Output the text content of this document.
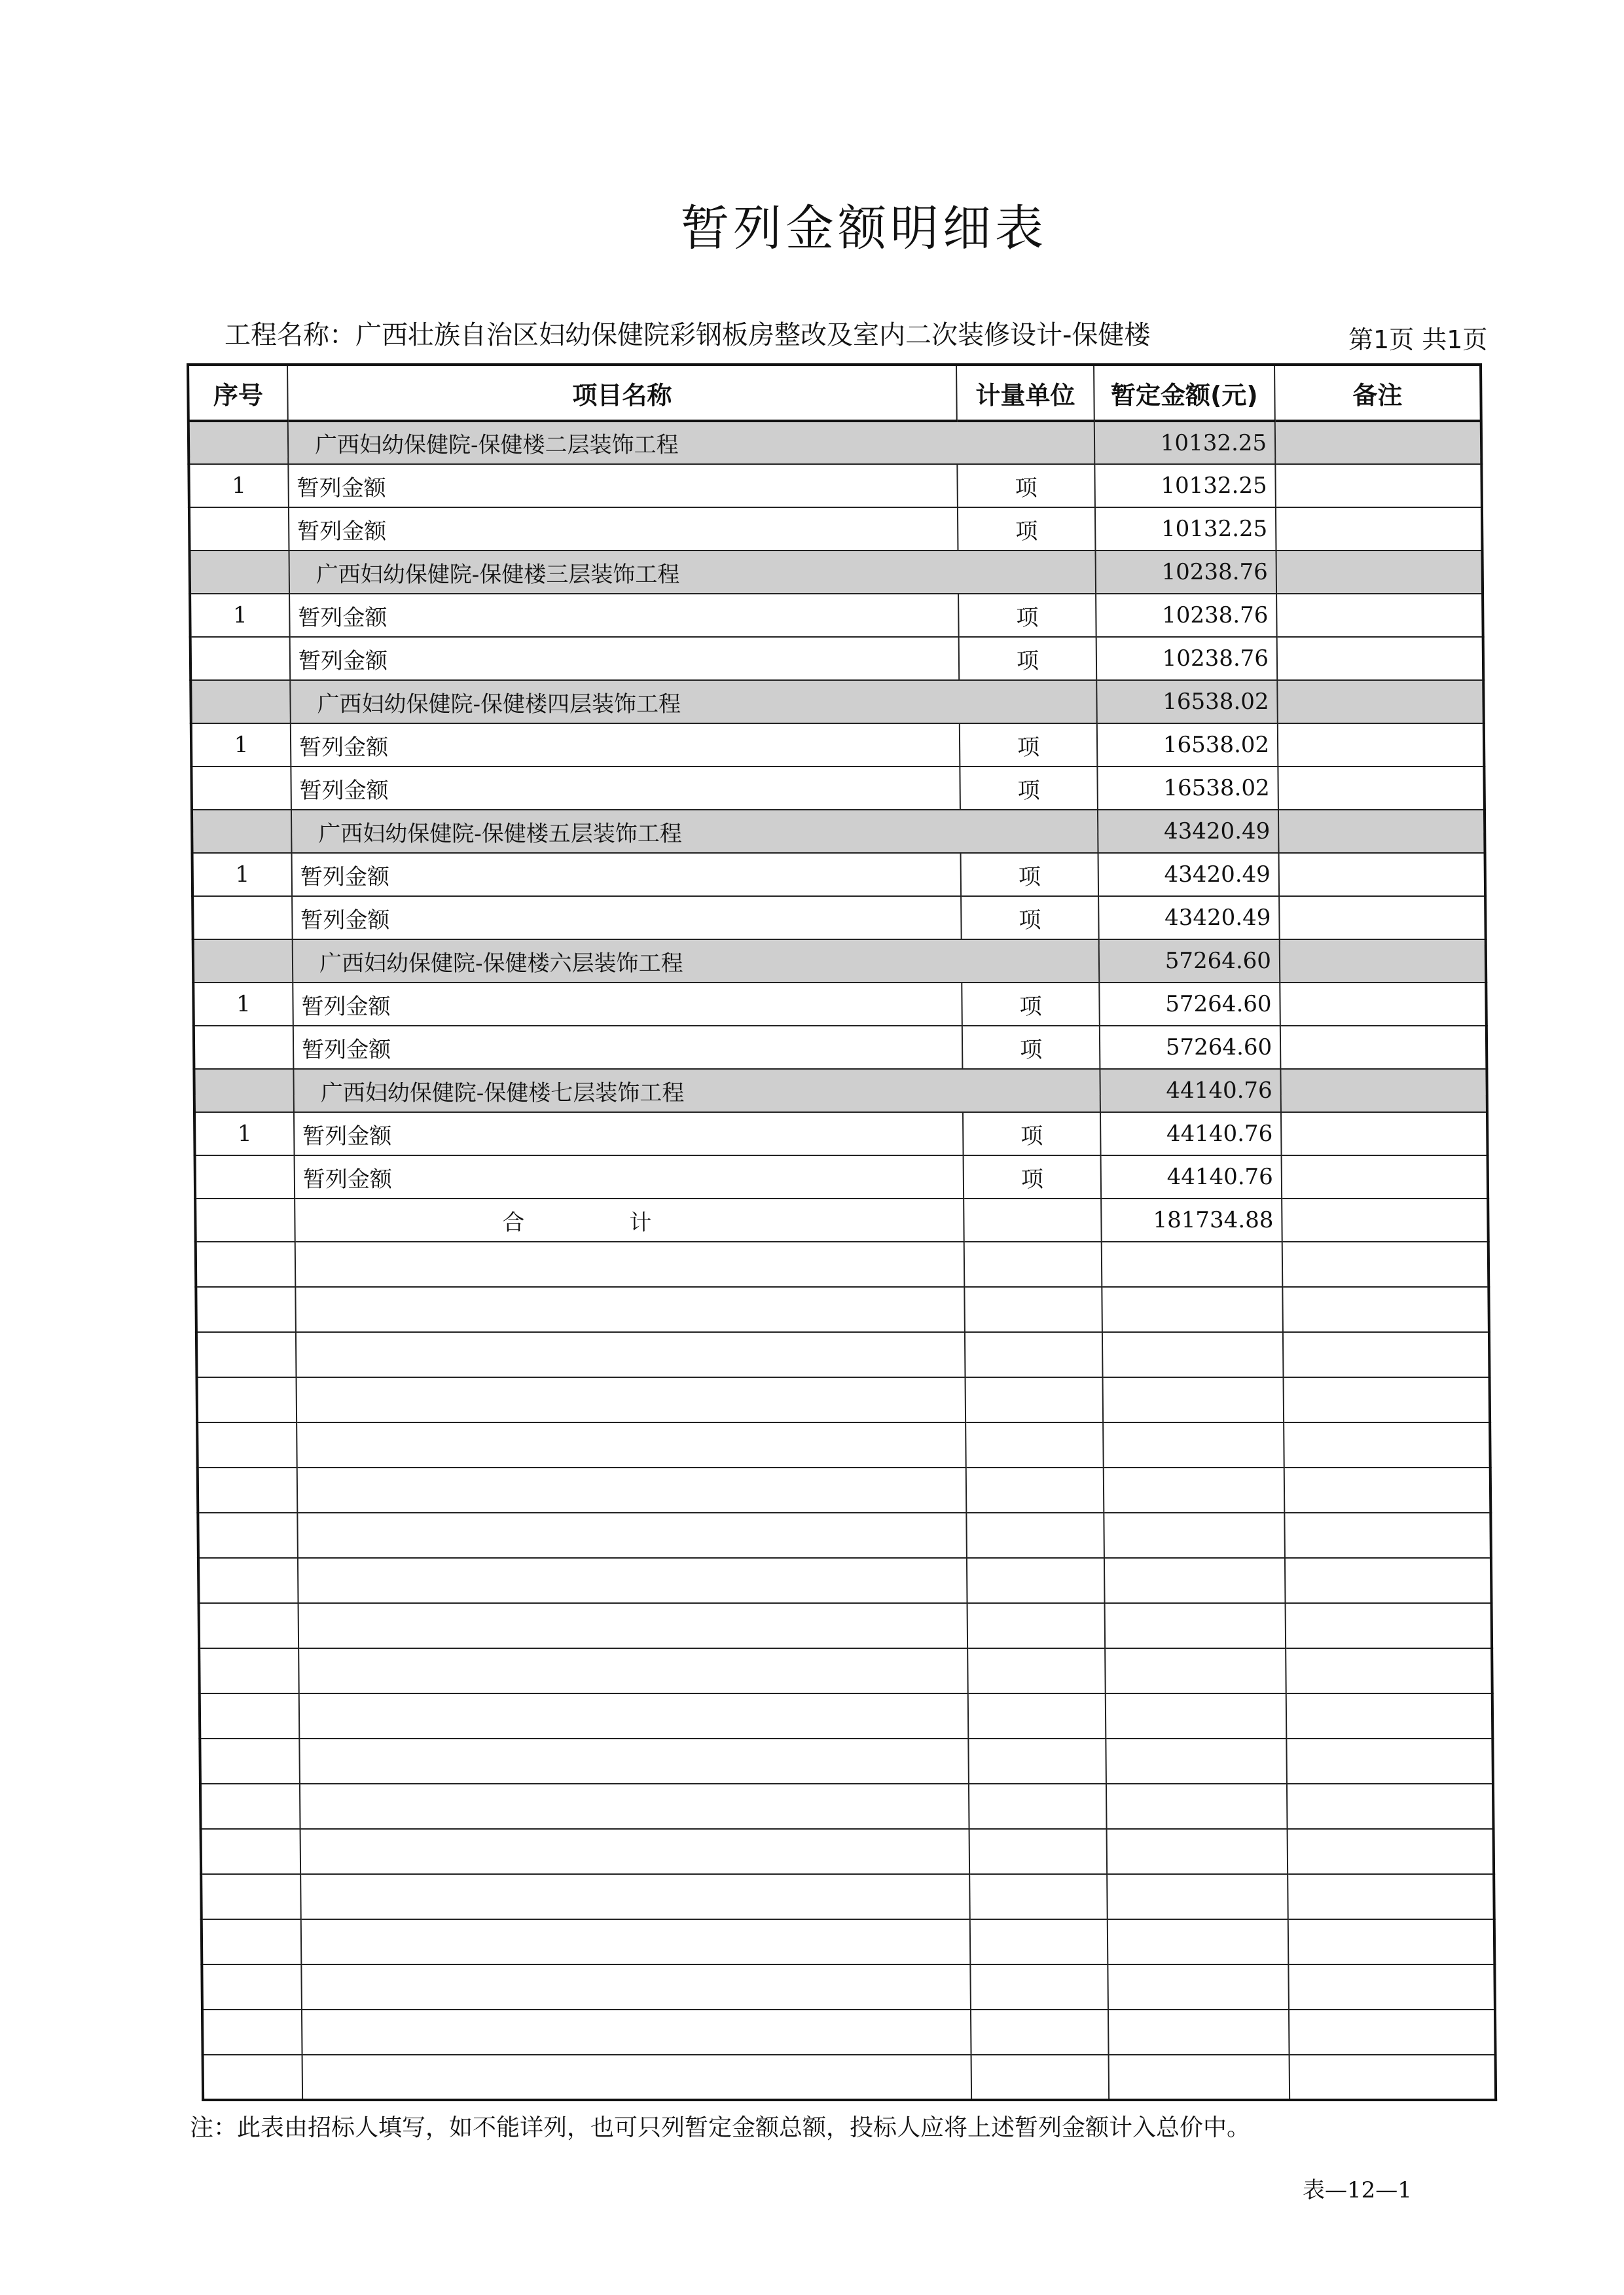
暂列金额明细表
工程名称：广西壮族自治区妇幼保健院彩钢板房整改及室内二次装修设计-保健楼	第1页 共1页
序号	项目名称	计量单位	暂定金额(元)	备注
	广西妇幼保健院-保健楼二层装饰工程		10132.25	
1	暂列金额	项	10132.25	
	暂列金额	项	10132.25	
	广西妇幼保健院-保健楼三层装饰工程		10238.76	
1	暂列金额	项	10238.76	
	暂列金额	项	10238.76	
	广西妇幼保健院-保健楼四层装饰工程		16538.02	
1	暂列金额	项	16538.02	
	暂列金额	项	16538.02	
	广西妇幼保健院-保健楼五层装饰工程		43420.49	
1	暂列金额	项	43420.49	
	暂列金额	项	43420.49	
	广西妇幼保健院-保健楼六层装饰工程		57264.60	
1	暂列金额	项	57264.60	
	暂列金额	项	57264.60	
	广西妇幼保健院-保健楼七层装饰工程		44140.76	
1	暂列金额	项	44140.76	
	暂列金额	项	44140.76	
	合计		181734.88	

注：此表由招标人填写，如不能详列，也可只列暂定金额总额，投标人应将上述暂列金额计入总价中。
表—12—1
